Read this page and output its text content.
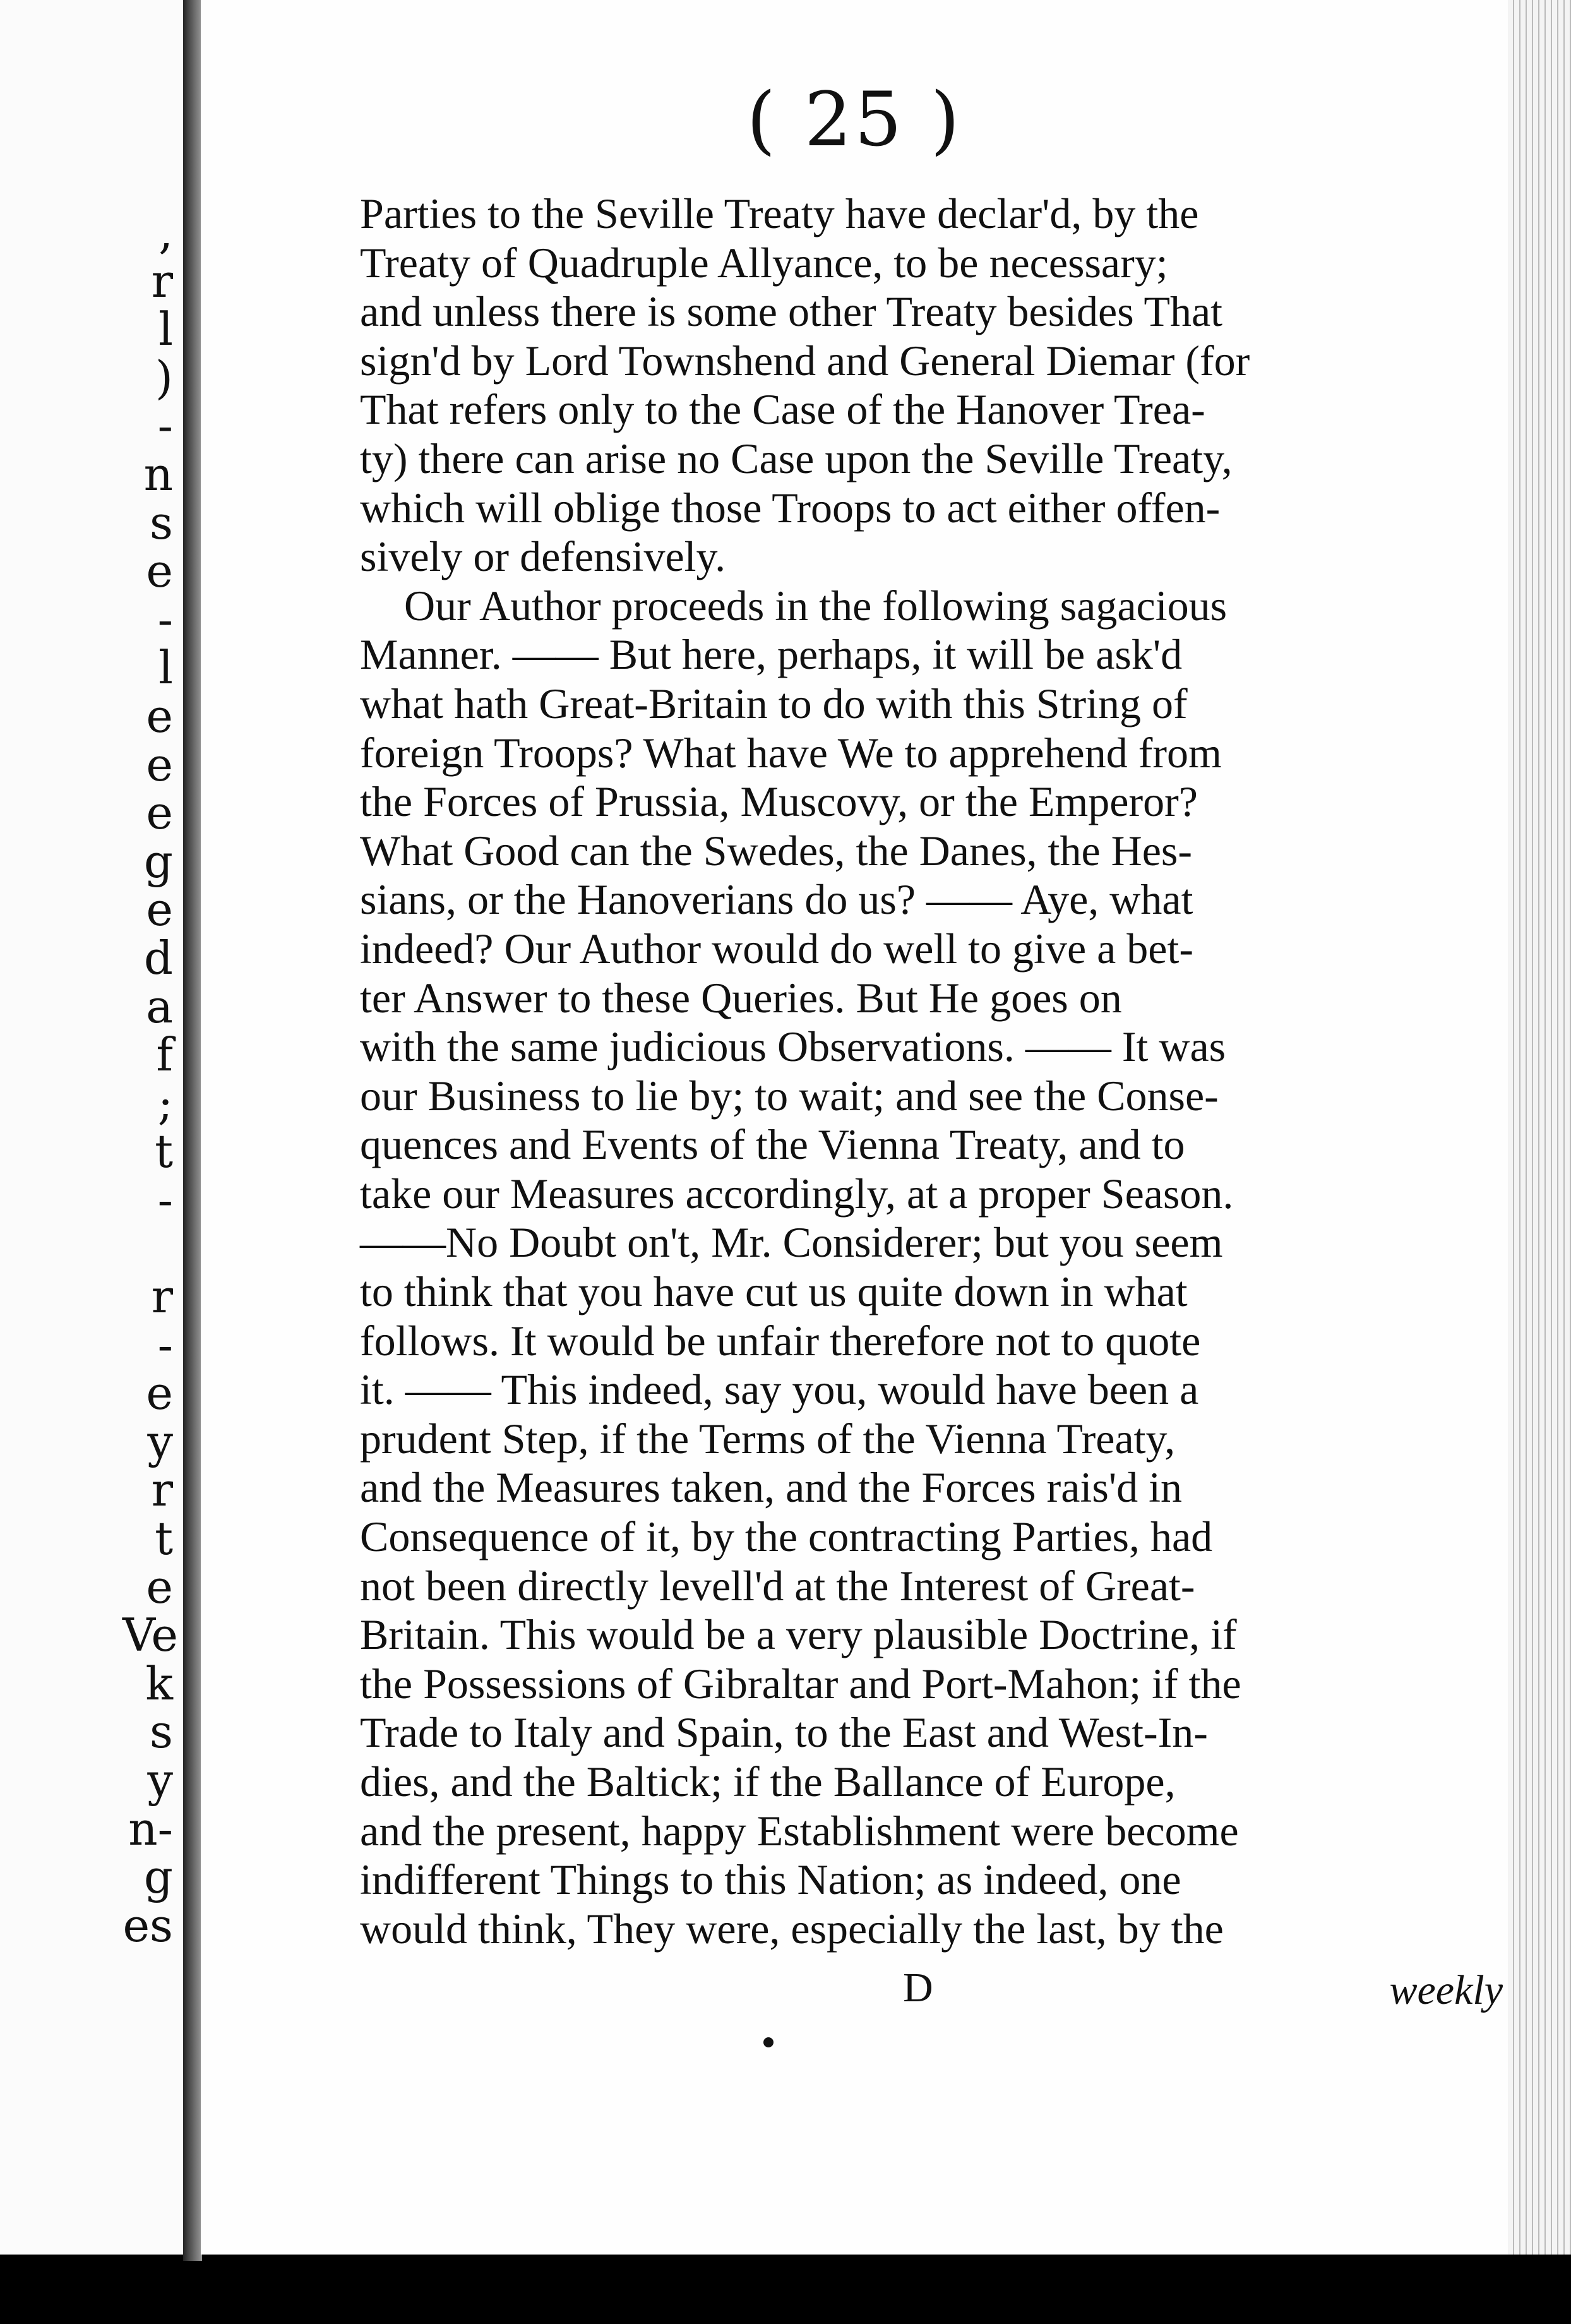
,
r
l
)
-
n
s
e
-
l
e
e
e
g
e
d
a
f
;
t
-
r
-
e
y
r
t
e
Ve
k
s
y
n-
g
es
( 25 )
Parties to the Seville Treaty have declar'd, by the
Treaty of Quadruple Allyance, to be necessary;
and unless there is some other Treaty besides That
sign'd by Lord Townshend and General Diemar (for
That refers only to the Case of the Hanover Trea-
ty) there can arise no Case upon the Seville Treaty,
which will oblige those Troops to act either offen-
sively or defensively.
Our Author proceeds in the following sagacious
Manner. —— But here, perhaps, it will be ask'd
what hath Great-Britain to do with this String of
foreign Troops? What have We to apprehend from
the Forces of Prussia, Muscovy, or the Emperor?
What Good can the Swedes, the Danes, the Hes-
sians, or the Hanoverians do us? —— Aye, what
indeed? Our Author would do well to give a bet-
ter Answer to these Queries. But He goes on
with the same judicious Observations. —— It was
our Business to lie by; to wait; and see the Conse-
quences and Events of the Vienna Treaty, and to
take our Measures accordingly, at a proper Season.
——No Doubt on't, Mr. Considerer; but you seem
to think that you have cut us quite down in what
follows. It would be unfair therefore not to quote
it. —— This indeed, say you, would have been a
prudent Step, if the Terms of the Vienna Treaty,
and the Measures taken, and the Forces rais'd in
Consequence of it, by the contracting Parties, had
not been directly levell'd at the Interest of Great-
Britain. This would be a very plausible Doctrine, if
the Possessions of Gibraltar and Port-Mahon; if the
Trade to Italy and Spain, to the East and West-In-
dies, and the Baltick; if the Ballance of Europe,
and the present, happy Establishment were become
indifferent Things to this Nation; as indeed, one
would think, They were, especially the last, by the
D	weekly
